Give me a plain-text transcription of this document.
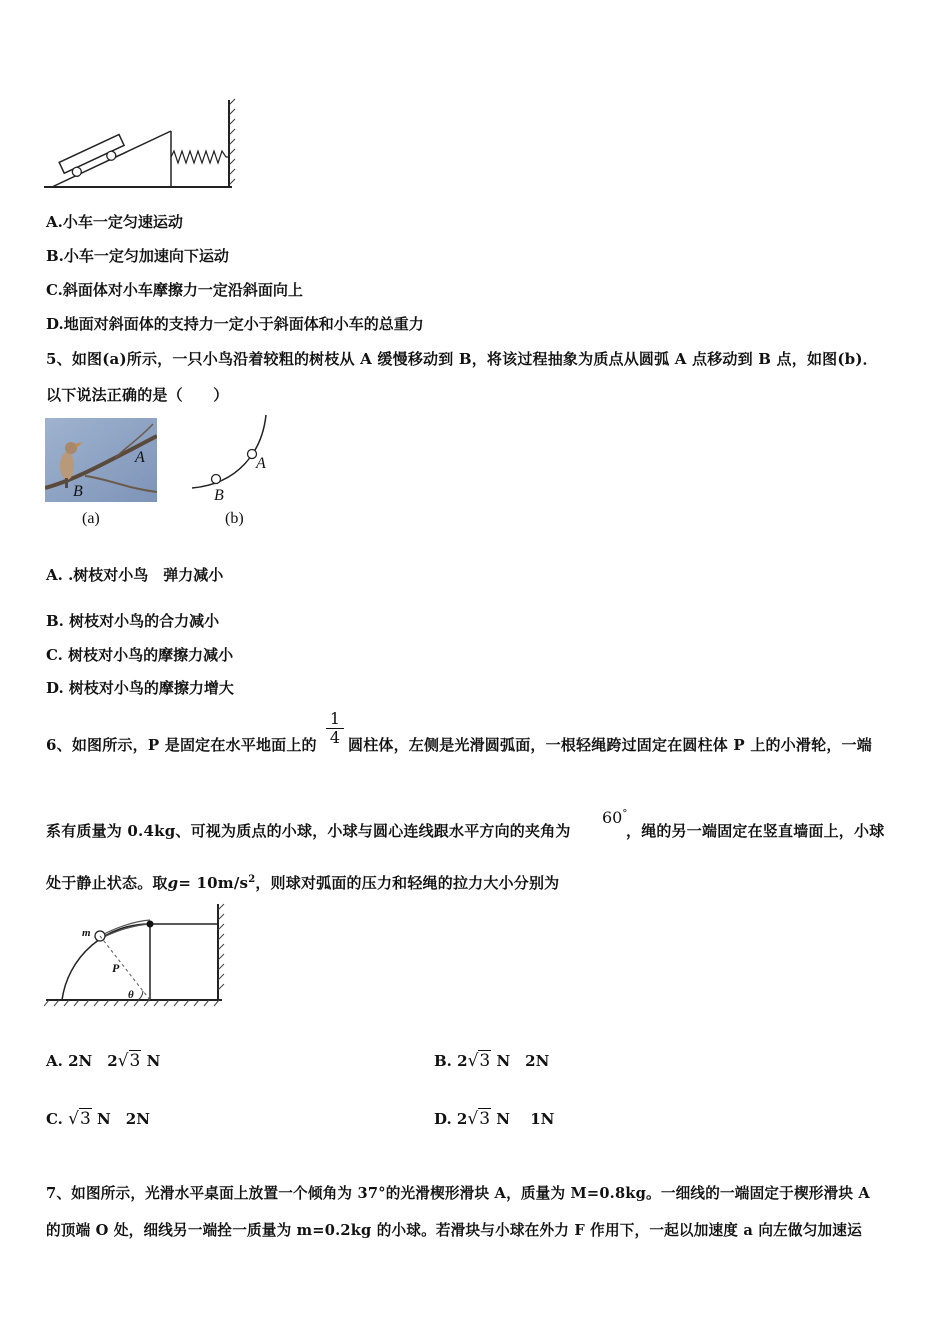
A.小车一定匀速运动
B.小车一定匀加速向下运动
C.斜面体对小车摩擦力一定沿斜面向上
D.地面对斜面体的支持力一定小于斜面体和小车的总重力
5、如图(a)所示，一只小鸟沿着较粗的树枝从 A 缓慢移动到 B，将该过程抽象为质点从圆弧 A 点移动到 B 点，如图(b)．
以下说法正确的是（　　）
A
B
(a)
A
B
(b)
A. .树枝对小鸟　弹力减小
B. 树枝对小鸟的合力减小
C. 树枝对小鸟的摩擦力减小
D. 树枝对小鸟的摩擦力增大
6、如图所示，P 是固定在水平地面上的 $\frac{1}{4}$ 圆柱体，左侧是光滑圆弧面，一根轻绳跨过固定在圆柱体 P 上的小滑轮，一端
系有质量为 0.4kg、可视为质点的小球，小球与圆心连线跟水平方向的夹角为
60°
，绳的另一端固定在竖直墙面上，小球
处于静止状态。取$g= 10m/s^2$，则球对弧面的压力和轻绳的拉力大小分别为
m
P
θ
A. 2N　2√3 N	B. 2√3 N　2N
C. √3 N　2N	D. 2√3 N　 1N
7、如图所示，光滑水平桌面上放置一个倾角为 37°的光滑楔形滑块 A，质量为 M=0.8kg。一细线的一端固定于楔形滑块 A
的顶端 O 处，细线另一端拴一质量为 m=0.2kg 的小球。若滑块与小球在外力 F 作用下，一起以加速度 a 向左做匀加速运
